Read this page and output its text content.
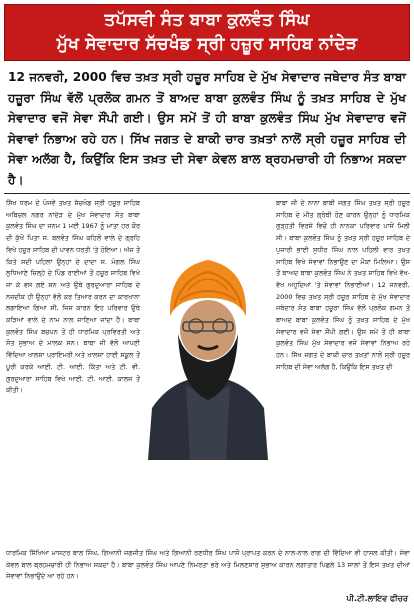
ਤਪੱਸਵੀ ਸੰਤ ਬਾਬਾ ਕੁਲਵੰਤ ਸਿੰਘ
ਮੁੱਖ ਸੇਵਾਦਾਰ ਸੱਚਖੰਡ ਸ੍ਰੀ ਹਜ਼ੂਰ ਸਾਹਿਬ ਨਾਂਦੇੜ
12 ਜਨਵਰੀ, 2000 ਵਿਚ ਤਖ਼ਤ ਸ੍ਰੀ ਹਜ਼ੂਰ ਸਾਹਿਬ ਦੇ ਮੁੱਖ ਸੇਵਾਦਾਰ ਜਥੇਦਾਰ ਸੰਤ ਬਾਬਾ ਹਜ਼ੂਰਾ ਸਿੰਘ ਵੱਲੋਂ ਪ੍ਰਲੋਕ ਗਮਨ ਤੋਂ ਬਾਅਦ ਬਾਬਾ ਕੁਲਵੰਤ ਸਿੰਘ ਨੂੰ ਤਖ਼ਤ ਸਾਹਿਬ ਦੇ ਮੁੱਖ ਸੇਵਾਦਾਰ ਵਜੋਂ ਸੇਵਾ ਸੌਂਪੀ ਗਈ। ਉਸ ਸਮੇਂ ਤੋਂ ਹੀ ਬਾਬਾ ਕੁਲਵੰਤ ਸਿੰਘ ਮੁੱਖ ਸੇਵਾਦਾਰ ਵਜੋਂ ਸੇਵਾਵਾਂ ਨਿਭਾਅ ਰਹੇ ਹਨ। ਸਿੱਖ ਜਗਤ ਦੇ ਬਾਕੀ ਚਾਰ ਤਖ਼ਤਾਂ ਨਾਲੋਂ ਸ੍ਰੀ ਹਜ਼ੂਰ ਸਾਹਿਬ ਦੀ ਸੇਵਾ ਅਲੱਗ ਹੈ, ਕਿਉਂਕਿ ਇਸ ਤਖ਼ਤ ਦੀ ਸੇਵਾ ਕੇਵਲ ਬਾਲ ਬ੍ਰਹਮਚਾਰੀ ਹੀ ਨਿਭਾਅ ਸਕਦਾ ਹੈ।

ਸਿੱਖ ਧਰਮ ਦੇ ਪੰਜਵੇਂ ਤਖ਼ਤ ਸੱਚਖੰਡ ਸ੍ਰੀ ਹਜ਼ੂਰ ਸਾਹਿਬ ਅਬਿਚਲ ਨਗਰ ਨਾਂਦੇੜ ਦੇ ਮੁੱਖ ਸੇਵਾਦਾਰ ਸੰਤ ਬਾਬਾ ਕੁਲਵੰਤ ਸਿੰਘ ਦਾ ਜਨਮ 1 ਮਈ 1967 ਨੂੰ ਮਾਤਾ ਹਰ ਕੌਰ ਦੀ ਕੁੱਖੋਂ ਪਿਤਾ ਸ. ਬਲਵੰਤ ਸਿੰਘ ਕਹਿਲੋਂ ਵਾਲੇ ਦੇ ਗ੍ਰਹਿ ਵਿਖੇ ਹਜ਼ੂਰ ਸਾਹਿਬ ਦੀ ਪਾਵਨ ਧਰਤੀ 'ਤੇ ਹੋਇਆ। ਅੱਜ ਤੋਂ ਕਿਤੇ ਸਦੀ ਪਹਿਲਾਂ ਉਨ੍ਹਾਂ ਦੇ ਦਾਦਾ ਸ. ਮੰਗਲ ਸਿੰਘ ਲੁਧਿਆਣੇ ਜ਼ਿਲ੍ਹੇ ਦੇ ਪਿੰਡ ਰਾਈਆਂ ਤੋਂ ਹਜ਼ੂਰ ਸਾਹਿਬ ਵਿਖੇ ਜਾ ਕੇ ਵਸ ਗਏ ਸਨ ਅਤੇ ਉਥੇ ਗੁਰਦੁਆਰਾ ਸਾਹਿਬ ਦੇ ਨਜ਼ਦੀਕ ਹੀ ਉਨ੍ਹਾਂ ਵੱਲੋਂ ਕਰ ਤਿਆਰ ਕਰਨ ਦਾ ਕਾਰਖਾਨਾ ਲਗਾਇਆ ਗਿਆ ਸੀ, ਜਿਸ ਕਾਰਨ ਇਹ ਪਰਿਵਾਰ ਉਥੇ ਕੜਿਆਂ ਵਾਲੇ ਦੇ ਨਾਮ ਨਾਲ ਜਾਣਿਆ ਜਾਂਦਾ ਹੈ। ਬਾਬਾ ਕੁਲਵੰਤ ਸਿੰਘ ਬਚਪਨ ਤੋਂ ਹੀ ਧਾਰਮਿਕ ਪ੍ਰਵਿਰਤੀ ਅਤੇ ਸੰਤ ਸੁਭਾਅ ਦੇ ਮਾਲਕ ਸਨ। ਬਾਬਾ ਜੀ ਵੱਲੋਂ ਆਪਣੀ ਵਿੱਦਿਆ ਖਾਲਸਾ ਪ੍ਰਾਇਮਰੀ ਅਤੇ ਖਾਲਸਾ ਹਾਈ ਸਕੂਲ ਤੋਂ ਪੂਰੀ ਕਰਕੇ ਆਈ. ਟੀ. ਆਈ. ਕਿੱਤਾ ਅਤੇ ਟੀ. ਵੀ. ਗੁਰਦੁਆਰਾ ਸਾਹਿਬ ਵਿਖੇ ਆਈ. ਟੀ. ਆਈ. ਕਾਲਜ ਤੋਂ ਕੀਤੀ।

ਬਾਬਾ ਜੀ ਦੇ ਨਾਨਾ ਬਾਬੀ ਜਗਤ ਸਿੰਘ ਤਖ਼ਤ ਸ੍ਰੀ ਹਜ਼ੂਰ ਸਾਹਿਬ ਦੇ ਮੀਤ ਗ੍ਰੰਥੀ ਹੋਣ ਕਾਰਨ ਉਨ੍ਹਾਂ ਨੂੰ ਧਾਰਮਿਕ ਗੁੜ੍ਹਤੀ ਵਿਰਸੇ ਵਿਚੋਂ ਹੀ ਨਾਨਕਾ ਪਰਿਵਾਰ ਪਾਸੋਂ ਮਿਲੀ ਸੀ। ਬਾਬਾ ਕੁਲਵੰਤ ਸਿੰਘ ਨੂੰ ਤਖ਼ਤ ਸ੍ਰੀ ਹਜ਼ੂਰ ਸਾਹਿਬ ਦੇ ਪੁਜਾਰੀ ਭਾਈ ਸੁਧੀਰ ਸਿੰਘ ਨਾਲ ਪਹਿਲੀ ਵਾਰ ਤਖ਼ਤ ਸਾਹਿਬ ਵਿਖੇ ਸੇਵਾਵਾਂ ਨਿਭਾਉਣ ਦਾ ਮੌਕਾ ਮਿਲਿਆ। ਉਸ ਤੋਂ ਬਾਅਦ ਬਾਬਾ ਕੁਲਵੰਤ ਸਿੰਘ ਨੇ ਤਖ਼ਤ ਸਾਹਿਬ ਵਿਖੇ ਵੱਖ-ਵੱਖ ਅਹੁਦਿਆਂ 'ਤੇ ਸੇਵਾਵਾਂ ਨਿਭਾਈਆਂ। 12 ਜਨਵਰੀ, 2000 ਵਿਚ ਤਖ਼ਤ ਸ੍ਰੀ ਹਜ਼ੂਰ ਸਾਹਿਬ ਦੇ ਮੁੱਖ ਸੇਵਾਦਾਰ ਜਥੇਦਾਰ ਸੰਤ ਬਾਬਾ ਹਜ਼ੂਰਾ ਸਿੰਘ ਵੱਲੋਂ ਪ੍ਰਲੋਕ ਗਮਨ ਤੋਂ ਬਾਅਦ ਬਾਬਾ ਕੁਲਵੰਤ ਸਿੰਘ ਨੂੰ ਤਖ਼ਤ ਸਾਹਿਬ ਦੇ ਮੁੱਖ ਸੇਵਾਦਾਰ ਵਜੋਂ ਸੇਵਾ ਸੌਂਪੀ ਗਈ। ਉਸ ਸਮੇਂ ਤੋਂ ਹੀ ਬਾਬਾ ਕੁਲਵੰਤ ਸਿੰਘ ਮੁੱਖ ਸੇਵਾਦਾਰ ਵਜੋਂ ਸੇਵਾਵਾਂ ਨਿਭਾਅ ਰਹੇ ਹਨ। ਸਿੱਖ ਜਗਤ ਦੇ ਬਾਕੀ ਚਾਰ ਤਖ਼ਤਾਂ ਨਾਲੋਂ ਸ੍ਰੀ ਹਜ਼ੂਰ ਸਾਹਿਬ ਦੀ ਸੇਵਾ ਅਲੱਗ ਹੈ, ਕਿਉਂਕਿ ਇਸ ਤਖ਼ਤ ਦੀ

ਧਾਰਮਿਕ ਸਿੱਖਿਆ ਮਾਸਟਰ ਬਾਲ ਸਿੰਘ, ਗਿਆਨੀ ਜਗਜੀਤ ਸਿੰਘ ਅਤੇ ਗਿਆਨੀ ਰਣਧੀਰ ਸਿੰਘ ਪਾਸੋਂ ਪ੍ਰਾਪਤ ਕਰਨ ਦੇ ਨਾਲ-ਨਾਲ ਰਾਗ ਦੀ ਵਿੱਦਿਆ ਵੀ ਹਾਸਲ ਕੀਤੀ। ਸੇਵਾ ਕੇਵਲ ਬਾਲ ਬ੍ਰਹਮਚਾਰੀ ਹੀ ਨਿਭਾਅ ਸਕਦਾ ਹੈ। ਬਾਬਾ ਕੁਲਵੰਤ ਸਿੰਘ ਆਪਣੇ ਨਿਮਰਤਾ ਭਰੇ ਅਤੇ ਮਿਲਣਸਾਰ ਸੁਭਾਅ ਕਾਰਨ ਲਗਾਤਾਰ ਪਿਛਲੇ 13 ਸਾਲਾਂ ਤੋਂ ਇਸ ਤਖ਼ਤ ਦੀਆਂ ਸੇਵਾਵਾਂ ਨਿਭਾਉਂਦੇ ਆ ਰਹੇ ਹਨ।
ਪੀ.ਟੀ.ਲਾਇਵ ਫੀਚਰ
